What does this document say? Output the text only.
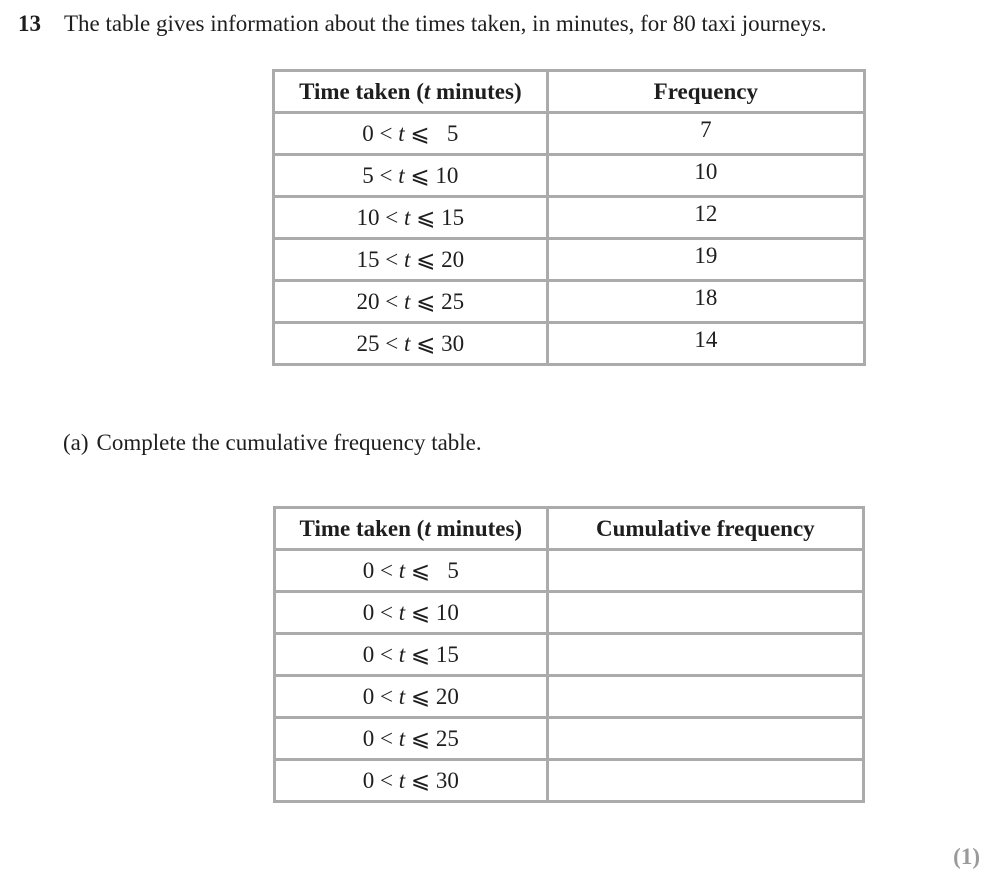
13 The table gives information about the times taken, in minutes, for 80 taxi journeys.
Time taken (t minutes)	Frequency
0 < t ⩽   5	7
5 < t ⩽ 10	10
10 < t ⩽ 15	12
15 < t ⩽ 20	19
20 < t ⩽ 25	18
25 < t ⩽ 30	14
(a) Complete the cumulative frequency table.
Time taken (t minutes)	Cumulative frequency
0 < t ⩽   5	
0 < t ⩽ 10	
0 < t ⩽ 15	
0 < t ⩽ 20	
0 < t ⩽ 25	
0 < t ⩽ 30	
(1)
